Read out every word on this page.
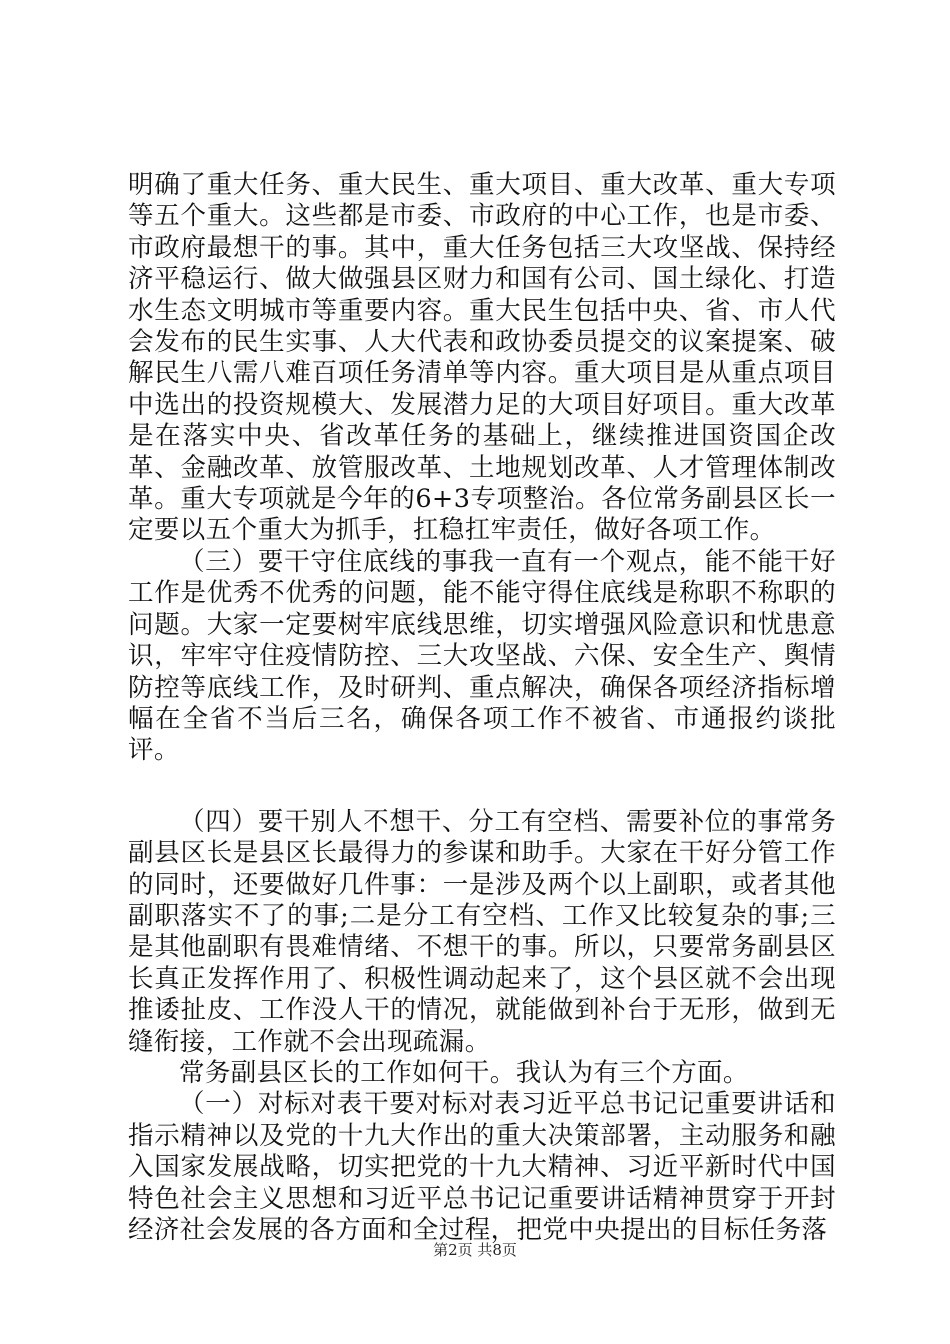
明确了重大任务、重大民生、重大项目、重大改革、重大专项等五个重大。这些都是市委、市政府的中心工作，也是市委、市政府最想干的事。其中，重大任务包括三大攻坚战、保持经济平稳运行、做大做强县区财力和国有公司、国土绿化、打造水生态文明城市等重要内容。重大民生包括中央、省、市人代会发布的民生实事、人大代表和政协委员提交的议案提案、破解民生八需八难百项任务清单等内容。重大项目是从重点项目中选出的投资规模大、发展潜力足的大项目好项目。重大改革是在落实中央、省改革任务的基础上，继续推进国资国企改革、金融改革、放管服改革、土地规划改革、人才管理体制改革。重大专项就是今年的6+3专项整治。各位常务副县区长一定要以五个重大为抓手，扛稳扛牢责任，做好各项工作。

（三）要干守住底线的事我一直有一个观点，能不能干好工作是优秀不优秀的问题，能不能守得住底线是称职不称职的问题。大家一定要树牢底线思维，切实增强风险意识和忧患意识，牢牢守住疫情防控、三大攻坚战、六保、安全生产、舆情防控等底线工作，及时研判、重点解决，确保各项经济指标增幅在全省不当后三名，确保各项工作不被省、市通报约谈批评。

（四）要干别人不想干、分工有空档、需要补位的事常务副县区长是县区长最得力的参谋和助手。大家在干好分管工作的同时，还要做好几件事：一是涉及两个以上副职，或者其他副职落实不了的事;二是分工有空档、工作又比较复杂的事;三是其他副职有畏难情绪、不想干的事。所以，只要常务副县区长真正发挥作用了、积极性调动起来了，这个县区就不会出现推诿扯皮、工作没人干的情况，就能做到补台于无形，做到无缝衔接，工作就不会出现疏漏。

常务副县区长的工作如何干。我认为有三个方面。

（一）对标对表干要对标对表习近平总书记记重要讲话和指示精神以及党的十九大作出的重大决策部署，主动服务和融入国家发展战略，切实把党的十九大精神、习近平新时代中国特色社会主义思想和习近平总书记记重要讲话精神贯穿于开封经济社会发展的各方面和全过程，把党中央提出的目标任务落

第2页 共8页
